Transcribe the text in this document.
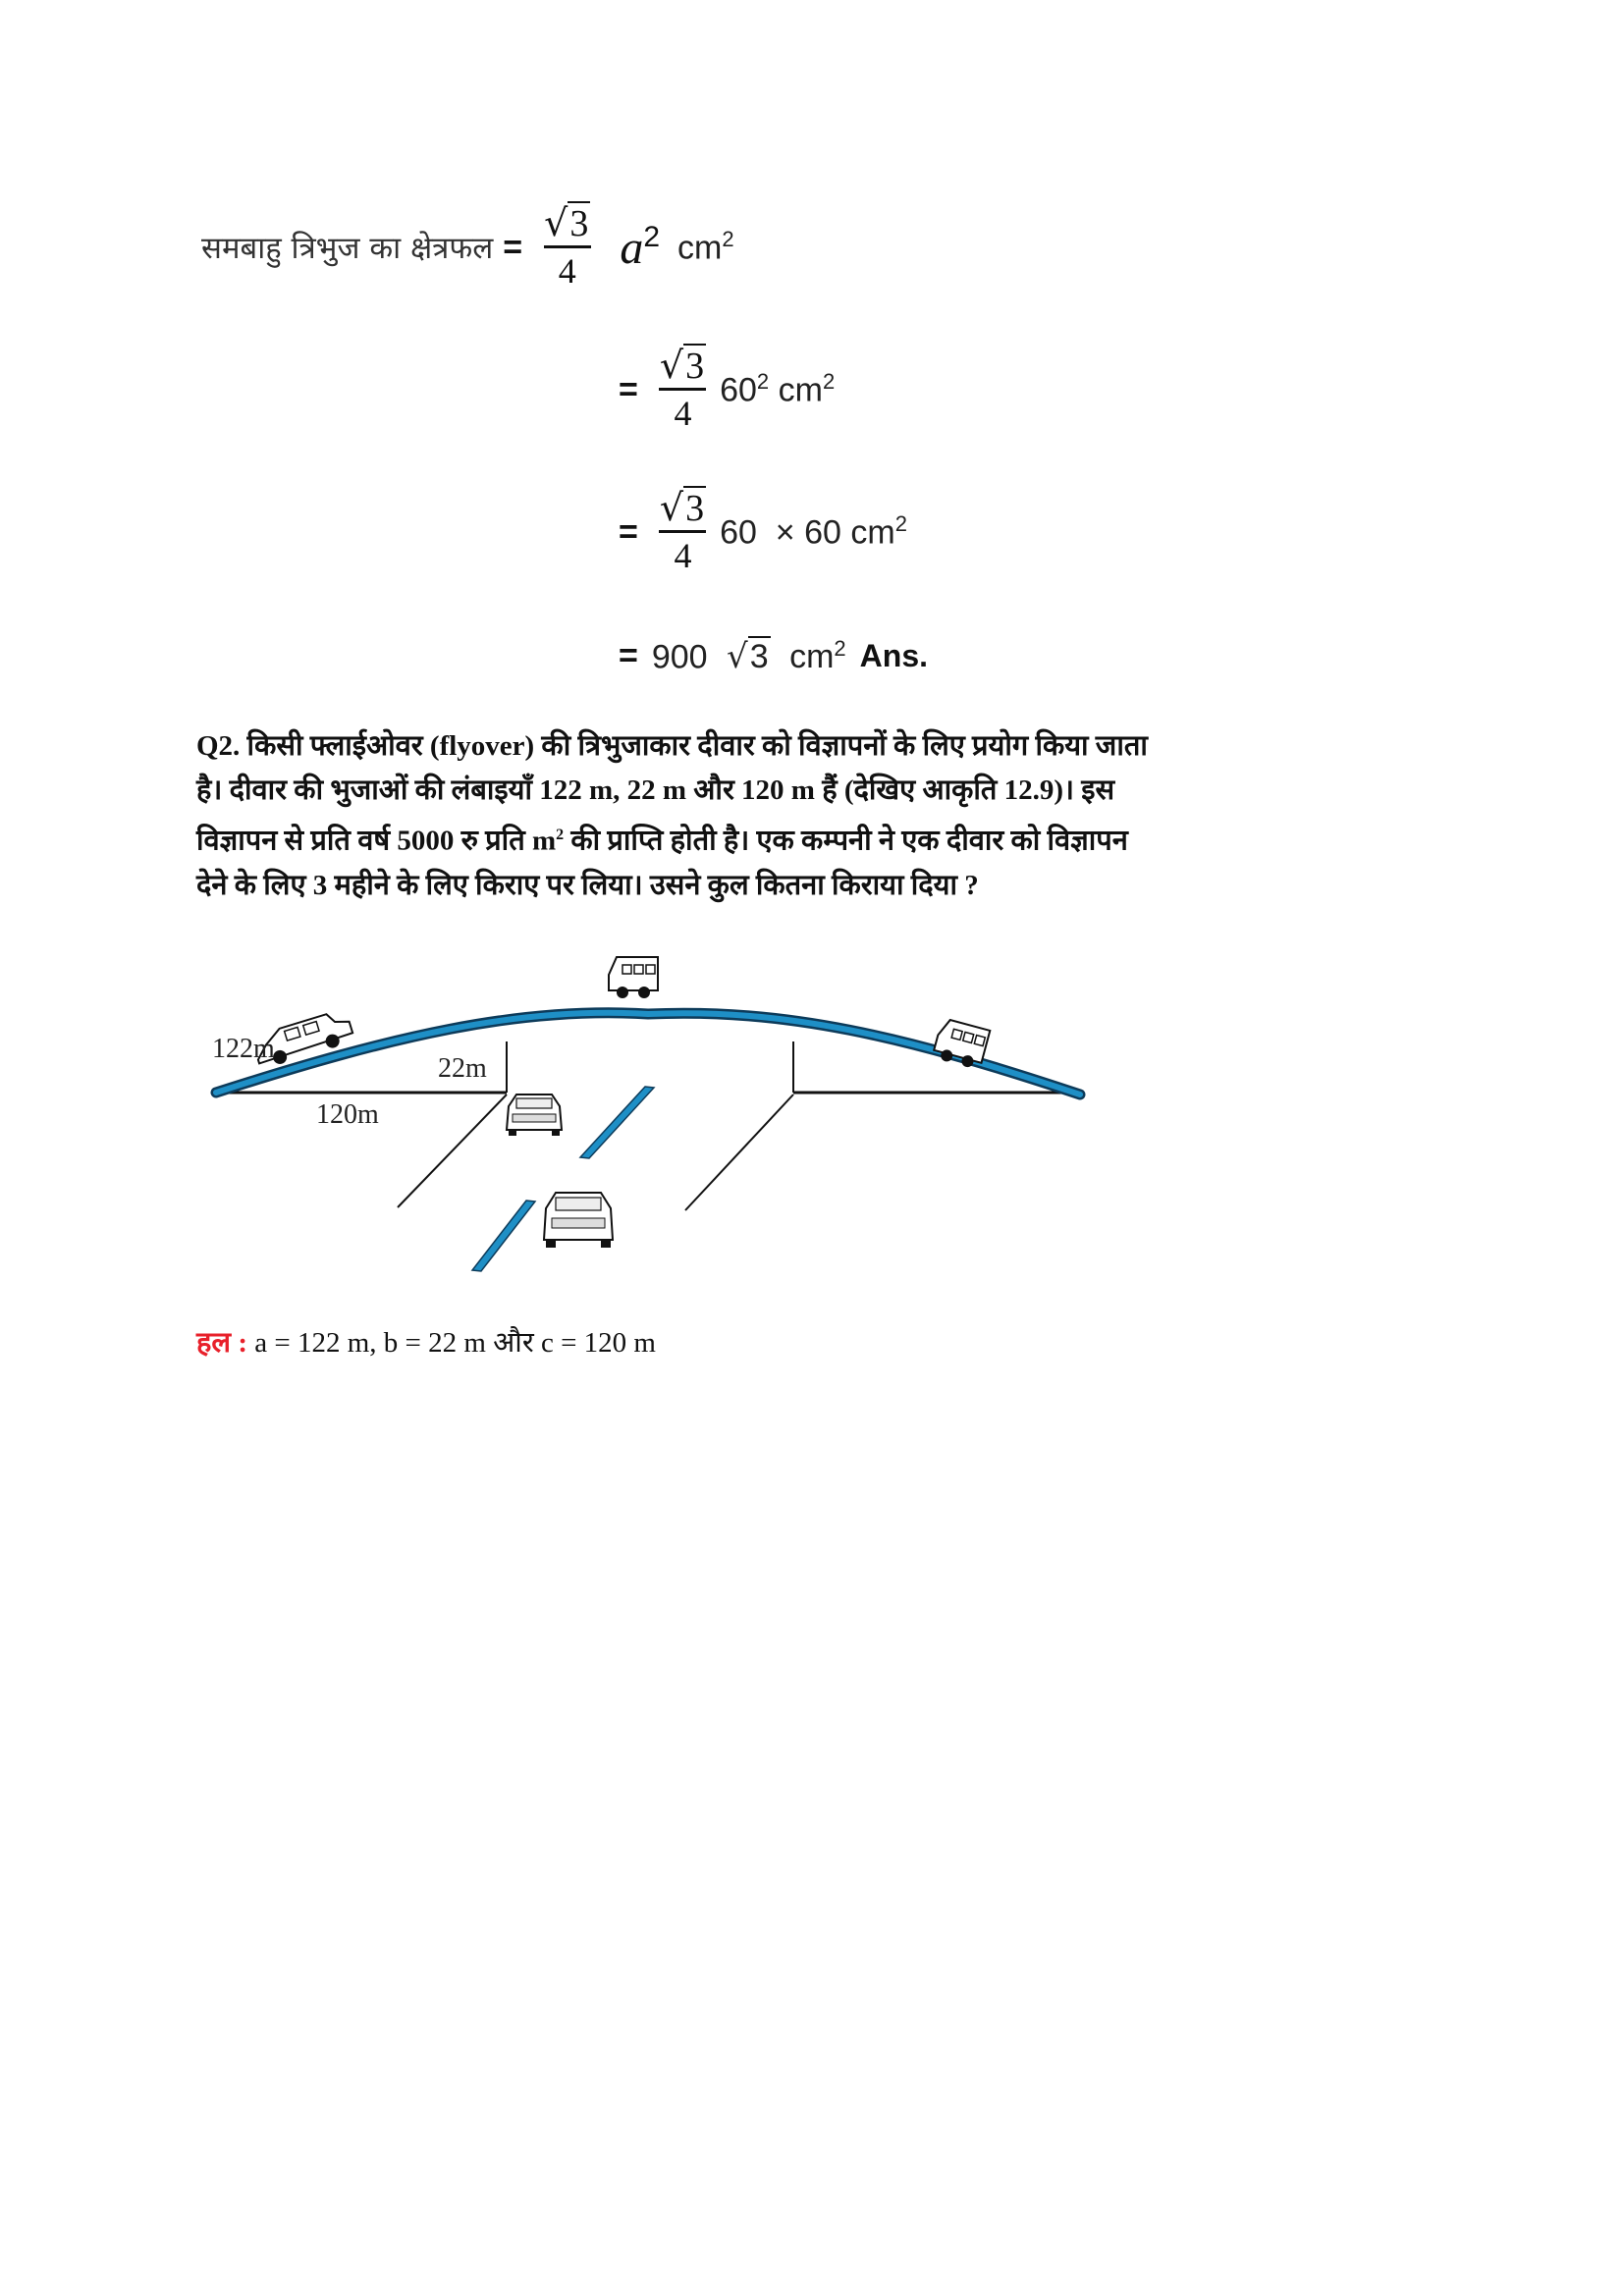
समबाहु त्रिभुज का क्षेत्रफल = $\frac{√3}{4} a^2$ $cm^2$
= $\frac{√3}{4} 60^2$ $cm^2$
= $\frac{√3}{4} 60 \times 60$ $cm^2$
= 900 √3 $cm^2$ Ans.
Q2. किसी फ्लाईओवर (flyover) की त्रिभुजाकार दीवार को विज्ञापनों के लिए प्रयोग किया जाता
है। दीवार की भुजाओं की लंबाइयाँ 122 m, 22 m और 120 m हैं (देखिए आकृति 12.9)। इस
विज्ञापन से प्रति वर्ष 5000 रु प्रति $m^2$ की प्राप्ति होती है। एक कम्पनी ने एक दीवार को विज्ञापन
देने के लिए 3 महीने के लिए किराए पर लिया। उसने कुल कितना किराया दिया ?
122m
22m
120m
हल : a = 122 m, b = 22 m और c = 120 m
